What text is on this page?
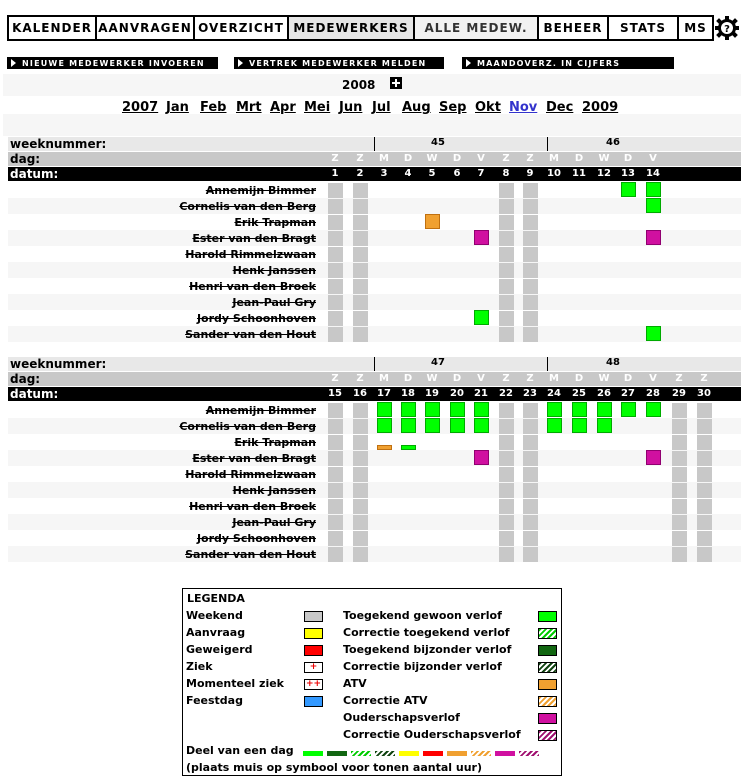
KALENDER AANVRAGEN OVERZICHT MEDEWERKERS	ALLE MEDEW.	BEHEER	STATS	MS	?
NIEUWE MEDEWERKER INVOEREN	VERTREK MEDEWERKER MELDEN	MAANDOVERZ. IN CIJFERS
2008
2007 Jan Feb Mrt Apr Mei Jun Jul Aug Sep Okt Nov Dec 2009
weeknummer:	45	46
dag:	Z	Z	M	D	W	D	V	Z	Z	M	D	W	D	V
datum:	1	2	3	4	5	6	7	8	9	10	11	12	13	14
Annemijn Bimmer
Cornelis van den Berg
Erik Trapman
Ester van den Bragt
Harold Rimmelzwaan
Henk Janssen
Henri van den Broek
Jean-Paul Gry
Jordy Schoonhoven
Sander van den Hout
weeknummer:	47	48
dag:	Z	Z	M	D	W	D	V	Z	Z	M	D	W	D	V	Z	Z
datum:	15	16	17	18	19	20	21	22	23	24	25	26	27	28	29	30
Annemijn Bimmer
Cornelis van den Berg
Erik Trapman
Ester van den Bragt
Harold Rimmelzwaan
Henk Janssen
Henri van den Broek
Jean-Paul Gry
Jordy Schoonhoven
Sander van den Hout
LEGENDA
Weekend
Aanvraag
Geweigerd
Ziek	+
Momenteel ziek ++
Feestdag
Toegekend gewoon verlof
Correctie toegekend verlof
Toegekend bijzonder verlof
Correctie bijzonder verlof
ATV
Correctie ATV
Ouderschapsverlof
Correctie Ouderschapsverlof
Deel van een dag
(plaats muis op symbool voor tonen aantal uur)
